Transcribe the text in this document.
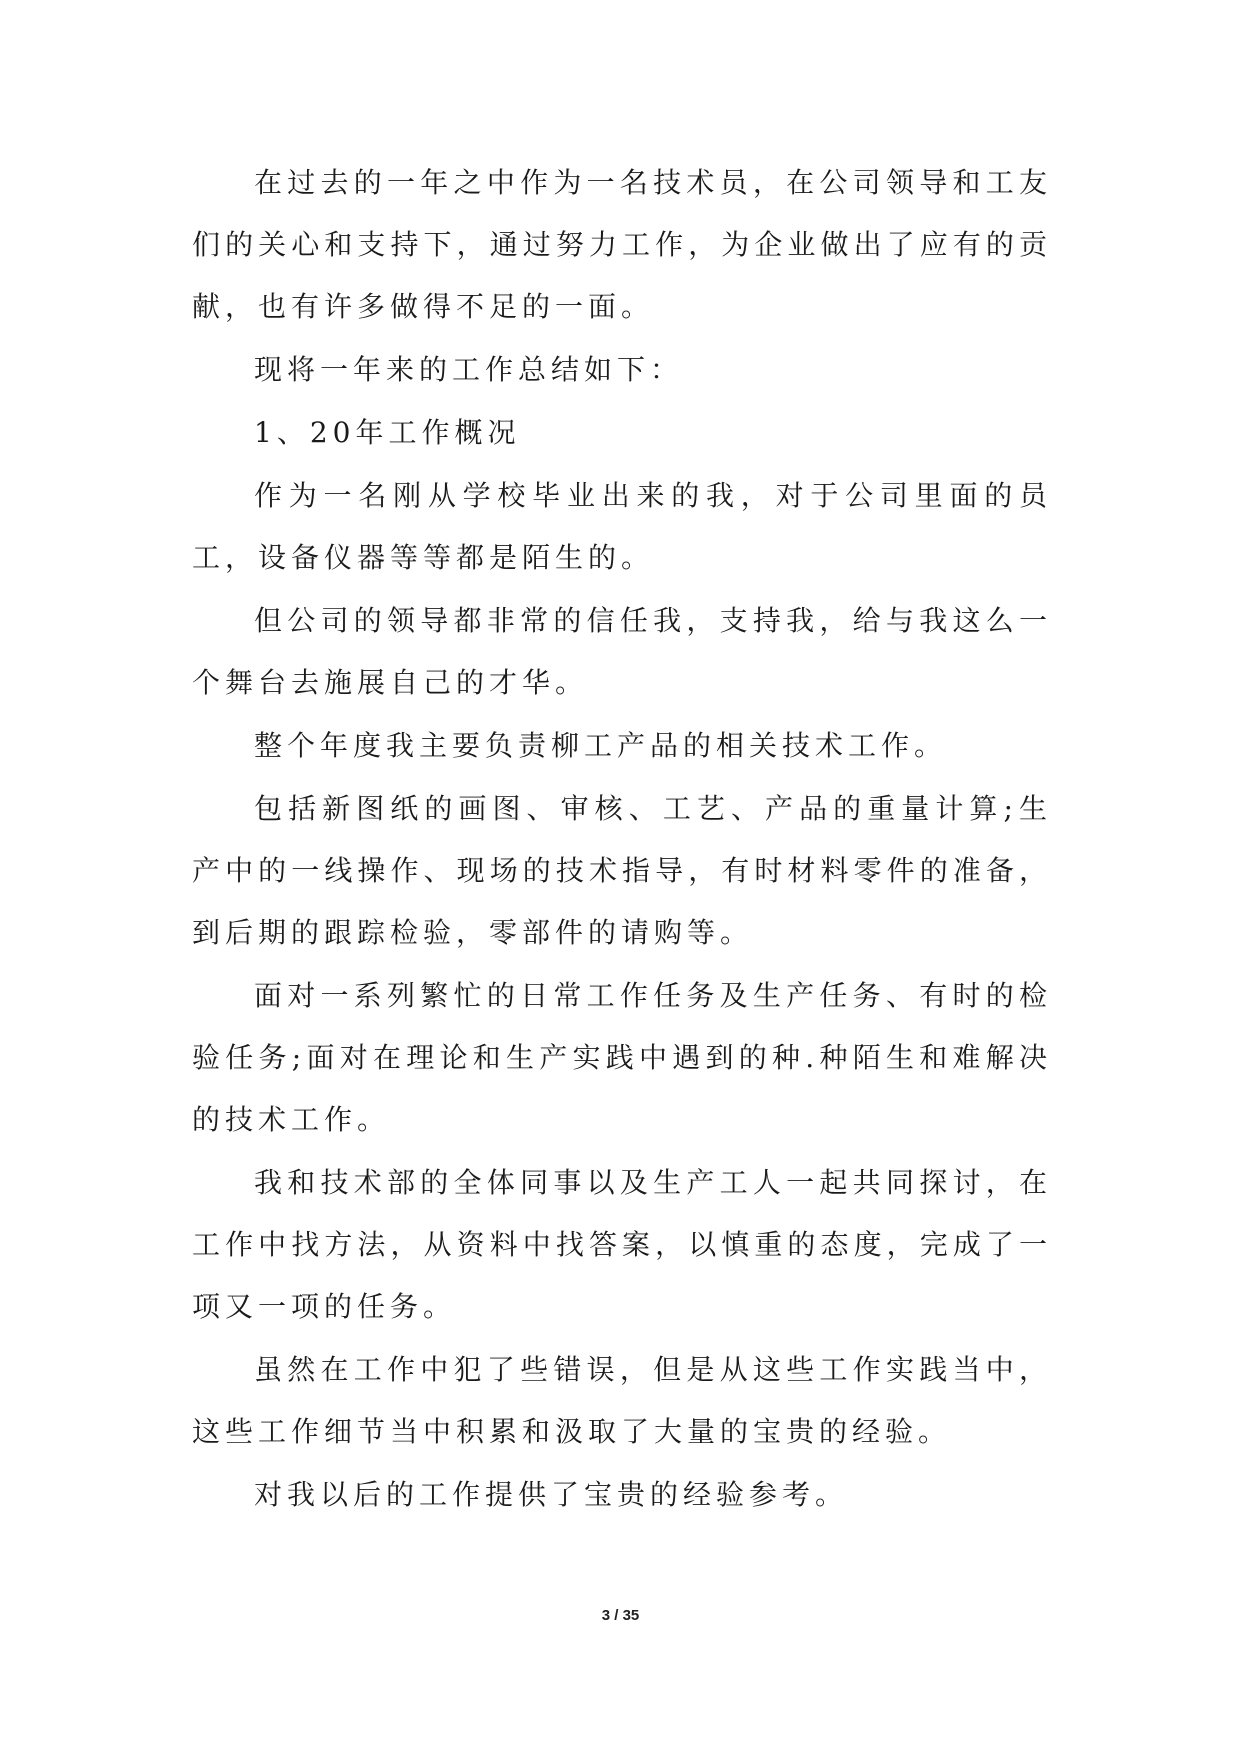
在过去的一年之中作为一名技术员，在公司领导和工友们的关心和支持下，通过努力工作，为企业做出了应有的贡献，也有许多做得不足的一面。

现将一年来的工作总结如下：

1、20年工作概况

作为一名刚从学校毕业出来的我，对于公司里面的员工，设备仪器等等都是陌生的。

但公司的领导都非常的信任我，支持我，给与我这么一个舞台去施展自己的才华。

整个年度我主要负责柳工产品的相关技术工作。

包括新图纸的画图、审核、工艺、产品的重量计算;生产中的一线操作、现场的技术指导，有时材料零件的准备，到后期的跟踪检验，零部件的请购等。

面对一系列繁忙的日常工作任务及生产任务、有时的检验任务;面对在理论和生产实践中遇到的种.种陌生和难解决的技术工作。

我和技术部的全体同事以及生产工人一起共同探讨，在工作中找方法，从资料中找答案，以慎重的态度，完成了一项又一项的任务。

虽然在工作中犯了些错误，但是从这些工作实践当中，这些工作细节当中积累和汲取了大量的宝贵的经验。

对我以后的工作提供了宝贵的经验参考。

3 / 35
